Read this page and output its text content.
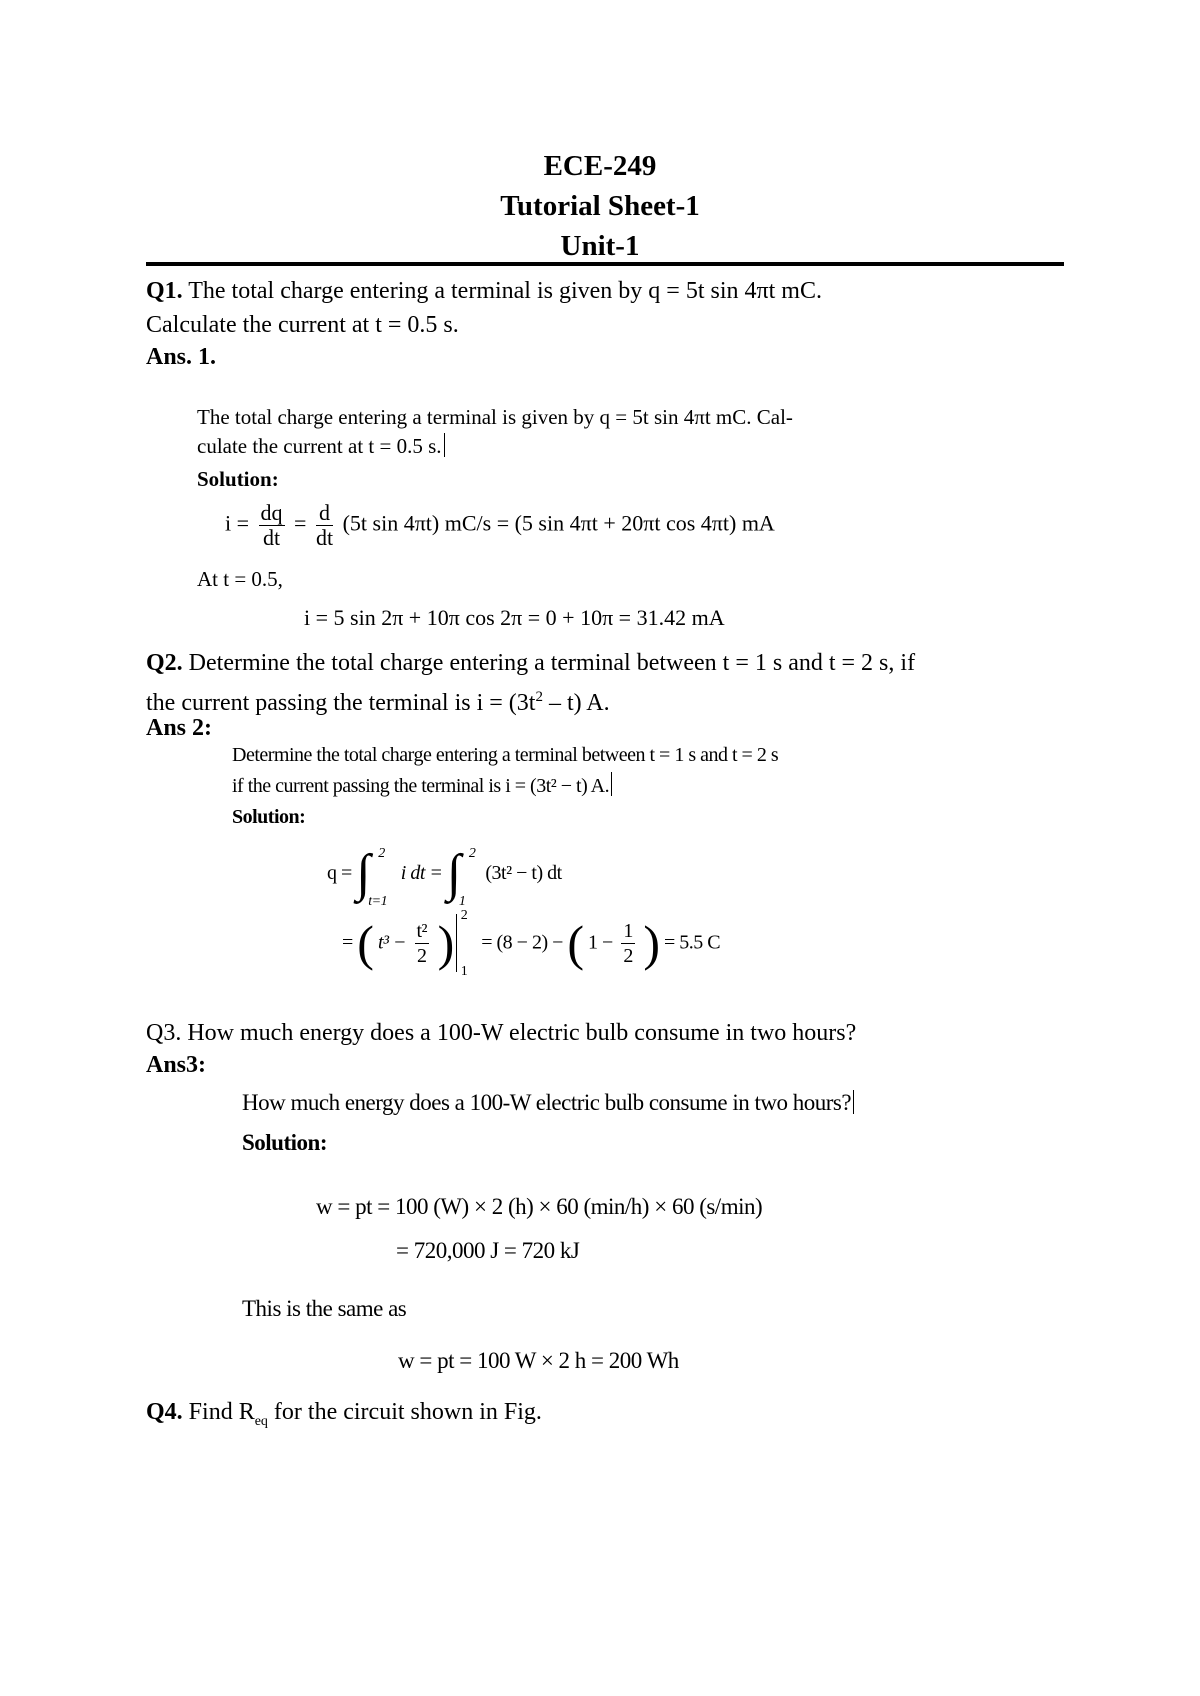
ECE-249
Tutorial Sheet-1
Unit-1
Q1. The total charge entering a terminal is given by q = 5t sin 4πt mC.
Calculate the current at t = 0.5 s.
Ans. 1.
The total charge entering a terminal is given by q = 5t sin 4πt mC. Cal-
culate the current at t = 0.5 s.
Solution:
$i = \frac{dq}{dt} = \frac{d}{dt} (5t$ sin 4πt) mC/s = (5 sin 4πt + 20πt cos 4πt) mA
At t = 0.5,
i = 5 sin 2π + 10π cos 2π = 0 + 10π = 31.42 mA
Q2. Determine the total charge entering a terminal between t = 1 s and t = 2 s, if
the current passing the terminal is $i = (3t^2 - t)$ A.
Ans 2:
Determine the total charge entering a terminal between t = 1 s and t = 2 s
if the current passing the terminal is i = (3t² − t) A.
Solution:
q = ∫ 2
t=1
i dt = ∫ 2
1
(3t² − t) dt
= ( $t^3 - \frac{\text{t²}}{2}$ ) 2
1
= (8 − 2) − ( $1 - \frac{1}{2}$ ) = 5.5 C
Q3. How much energy does a 100-W electric bulb consume in two hours?
Ans3:
How much energy does a 100-W electric bulb consume in two hours?
Solution:
w = pt = 100 (W) × 2 (h) × 60 (min/h) × 60 (s/min)
= 720,000 J = 720 kJ
This is the same as
w = pt = 100 W × 2 h = 200 Wh
Q4. Find $R_{eq}$ for the circuit shown in Fig.
